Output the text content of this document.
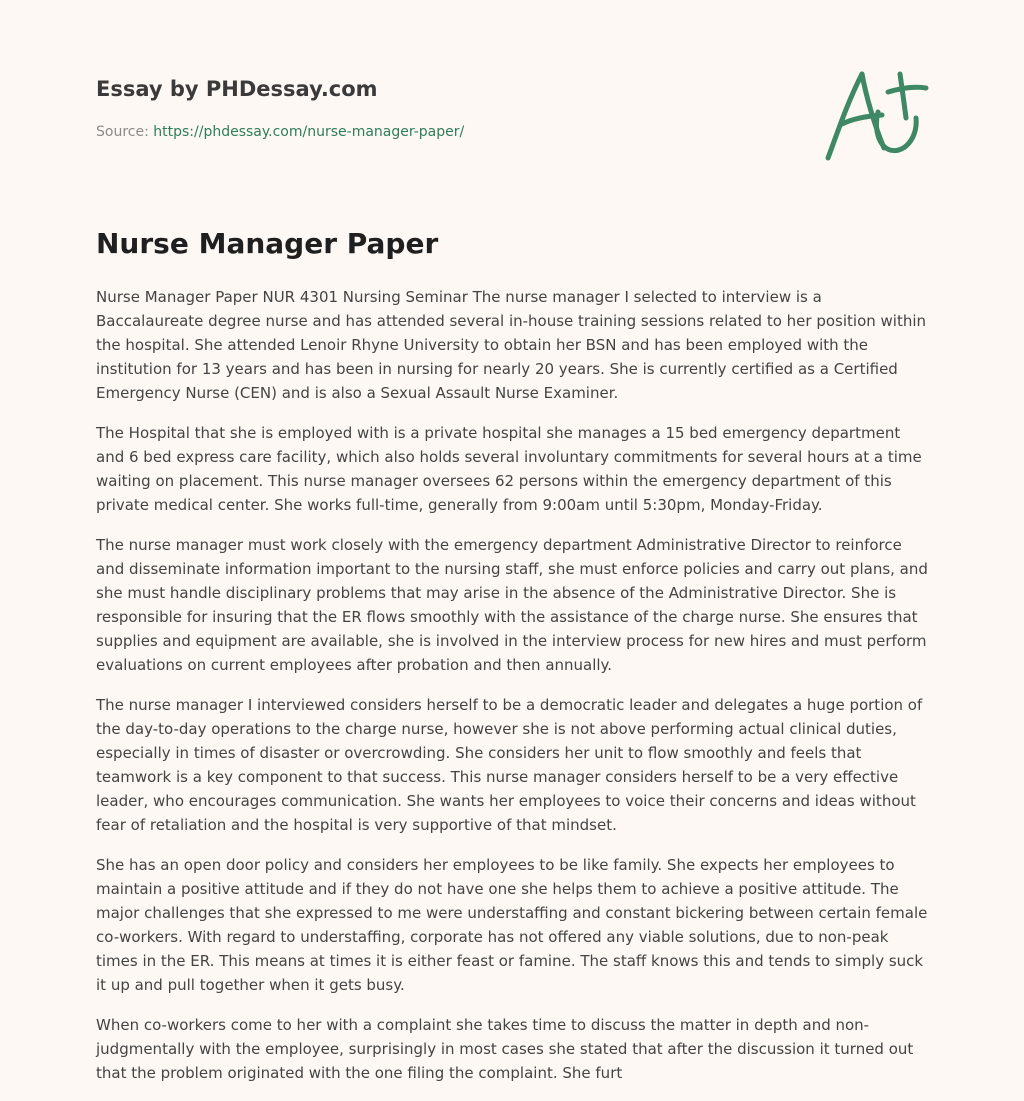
Essay by PHDessay.com
Source: https://phdessay.com/nurse-manager-paper/
Nurse Manager Paper

Nurse Manager Paper NUR 4301 Nursing Seminar The nurse manager I selected to interview is a Baccalaureate degree nurse and has attended several in-house training sessions related to her position within the hospital. She attended Lenoir Rhyne University to obtain her BSN and has been employed with the institution for 13 years and has been in nursing for nearly 20 years. She is currently certified as a Certified Emergency Nurse (CEN) and is also a Sexual Assault Nurse Examiner.

The Hospital that she is employed with is a private hospital she manages a 15 bed emergency department and 6 bed express care facility, which also holds several involuntary commitments for several hours at a time waiting on placement. This nurse manager oversees 62 persons within the emergency department of this private medical center. She works full-time, generally from 9:00am until 5:30pm, Monday-Friday.

The nurse manager must work closely with the emergency department Administrative Director to reinforce and disseminate information important to the nursing staff, she must enforce policies and carry out plans, and she must handle disciplinary problems that may arise in the absence of the Administrative Director. She is responsible for insuring that the ER flows smoothly with the assistance of the charge nurse. She ensures that supplies and equipment are available, she is involved in the interview process for new hires and must perform evaluations on current employees after probation and then annually.

The nurse manager I interviewed considers herself to be a democratic leader and delegates a huge portion of the day-to-day operations to the charge nurse, however she is not above performing actual clinical duties, especially in times of disaster or overcrowding. She considers her unit to flow smoothly and feels that teamwork is a key component to that success. This nurse manager considers herself to be a very effective leader, who encourages communication. She wants her employees to voice their concerns and ideas without fear of retaliation and the hospital is very supportive of that mindset.

She has an open door policy and considers her employees to be like family. She expects her employees to maintain a positive attitude and if they do not have one she helps them to achieve a positive attitude. The major challenges that she expressed to me were understaffing and constant bickering between certain female co-workers. With regard to understaffing, corporate has not offered any viable solutions, due to non-peak times in the ER. This means at times it is either feast or famine. The staff knows this and tends to simply suck it up and pull together when it gets busy.

When co-workers come to her with a complaint she takes time to discuss the matter in depth and non-judgmentally with the employee, surprisingly in most cases she stated that after the discussion it turned out that the problem originated with the one filing the complaint. She furt
